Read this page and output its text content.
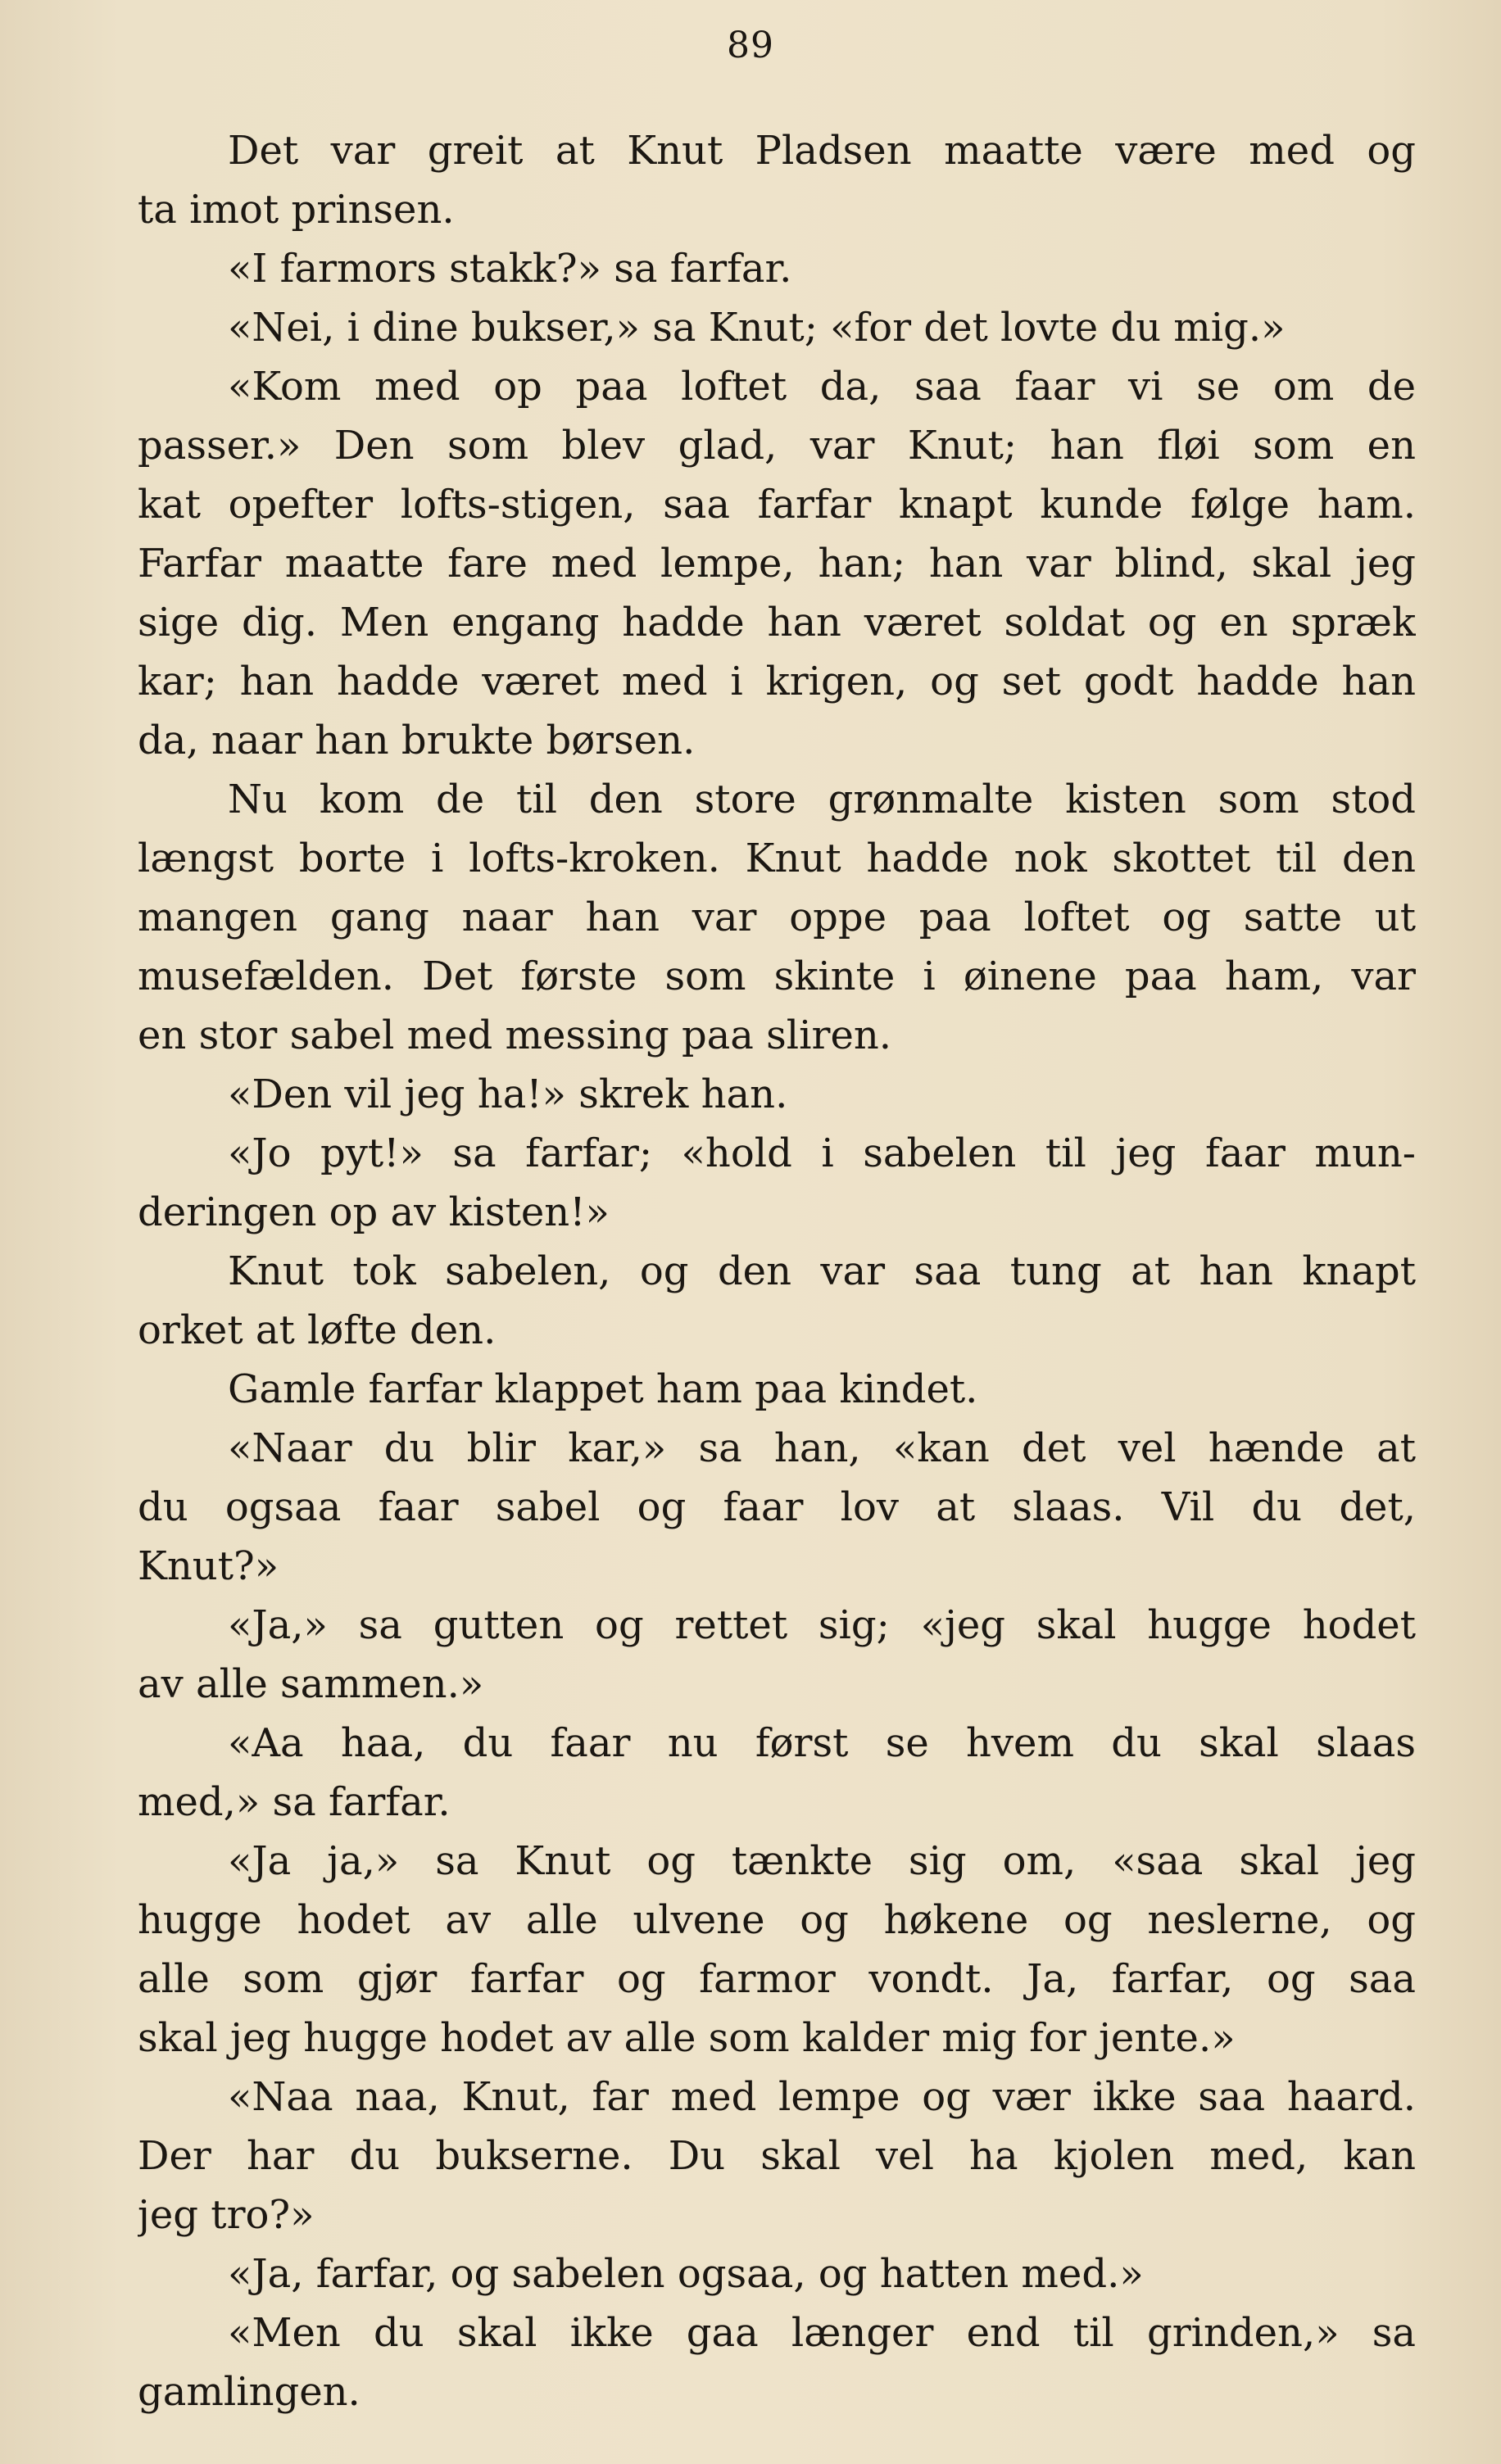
89
Det var greit at Knut Pladsen maatte være med og
ta imot prinsen.
«I farmors stakk?» sa farfar.
«Nei, i dine bukser,» sa Knut; «for det lovte du mig.»
«Kom med op paa loftet da, saa faar vi se om de
passer.» Den som blev glad, var Knut; han fløi som en
kat opefter lofts-stigen, saa farfar knapt kunde følge ham.
Farfar maatte fare med lempe, han; han var blind, skal jeg
sige dig. Men engang hadde han været soldat og en spræk
kar; han hadde været med i krigen, og set godt hadde han
da, naar han brukte børsen.
Nu kom de til den store grønmalte kisten som stod
længst borte i lofts-kroken. Knut hadde nok skottet til den
mangen gang naar han var oppe paa loftet og satte ut
musefælden. Det første som skinte i øinene paa ham, var
en stor sabel med messing paa sliren.
«Den vil jeg ha!» skrek han.
«Jo pyt!» sa farfar; «hold i sabelen til jeg faar mun-
deringen op av kisten!»
Knut tok sabelen, og den var saa tung at han knapt
orket at løfte den.
Gamle farfar klappet ham paa kindet.
«Naar du blir kar,» sa han, «kan det vel hænde at
du ogsaa faar sabel og faar lov at slaas. Vil du det,
Knut?»
«Ja,» sa gutten og rettet sig; «jeg skal hugge hodet
av alle sammen.»
«Aa haa, du faar nu først se hvem du skal slaas
med,» sa farfar.
«Ja ja,» sa Knut og tænkte sig om, «saa skal jeg
hugge hodet av alle ulvene og høkene og neslerne, og
alle som gjør farfar og farmor vondt. Ja, farfar, og saa
skal jeg hugge hodet av alle som kalder mig for jente.»
«Naa naa, Knut, far med lempe og vær ikke saa haard.
Der har du bukserne. Du skal vel ha kjolen med, kan
jeg tro?»
«Ja, farfar, og sabelen ogsaa, og hatten med.»
«Men du skal ikke gaa længer end til grinden,» sa
gamlingen.
